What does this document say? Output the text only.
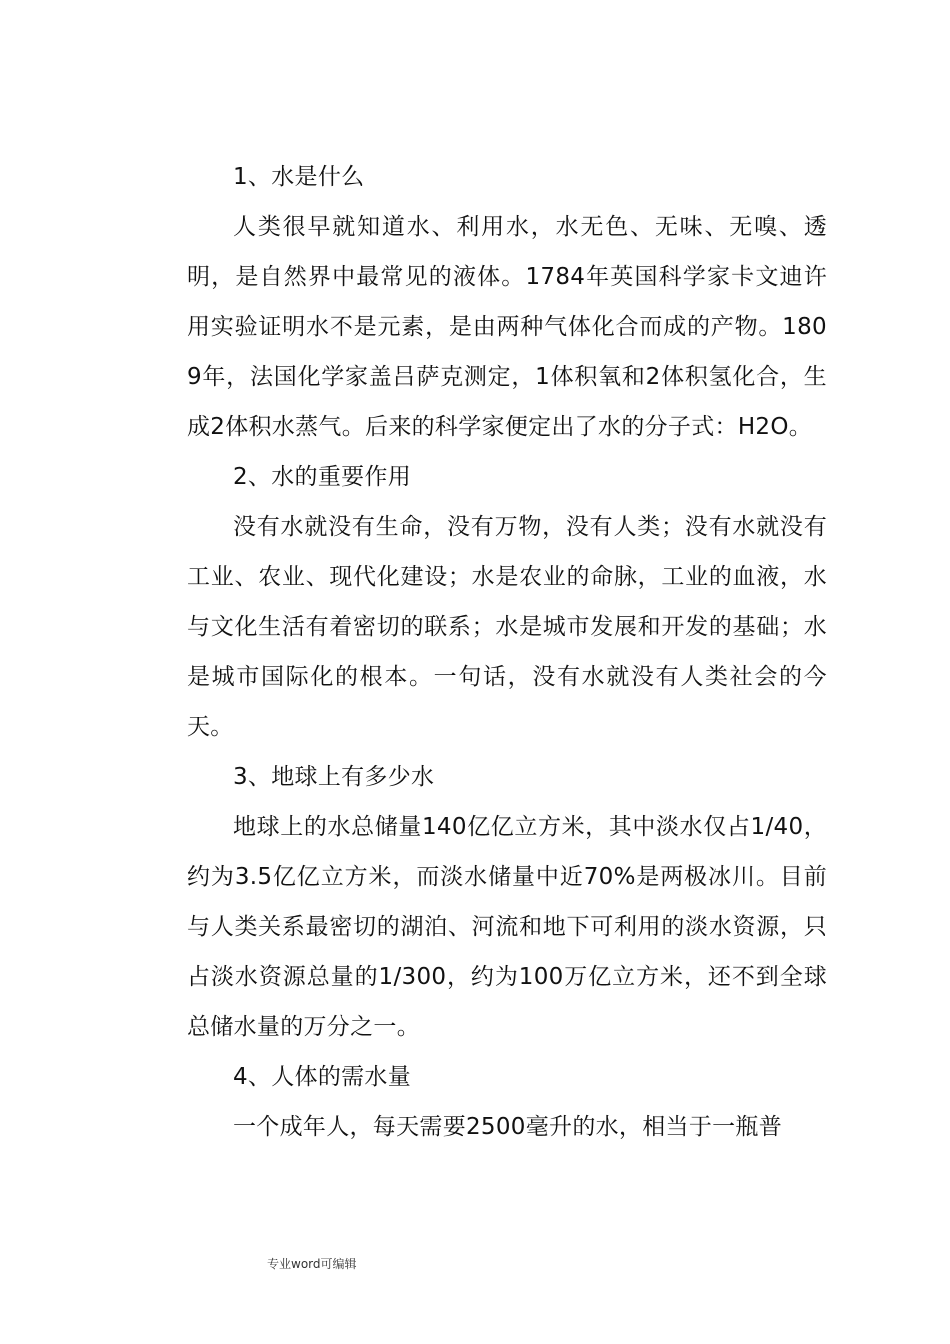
1、水是什么

人类很早就知道水、利用水，水无色、无味、无嗅、透明，是自然界中最常见的液体。1784年英国科学家卡文迪许用实验证明水不是元素，是由两种气体化合而成的产物。1809年，法国化学家盖吕萨克测定，1体积氧和2体积氢化合，生成2体积水蒸气。后来的科学家便定出了水的分子式：H2O。

2、水的重要作用

没有水就没有生命，没有万物，没有人类；没有水就没有工业、农业、现代化建设；水是农业的命脉，工业的血液，水与文化生活有着密切的联系；水是城市发展和开发的基础；水是城市国际化的根本。一句话，没有水就没有人类社会的今天。

3、地球上有多少水

地球上的水总储量140亿亿立方米，其中淡水仅占1/40，约为3.5亿亿立方米，而淡水储量中近70%是两极冰川。目前与人类关系最密切的湖泊、河流和地下可利用的淡水资源，只占淡水资源总量的1/300，约为100万亿立方米，还不到全球总储水量的万分之一。

4、人体的需水量

一个成年人，每天需要2500毫升的水，相当于一瓶普

专业word可编辑
